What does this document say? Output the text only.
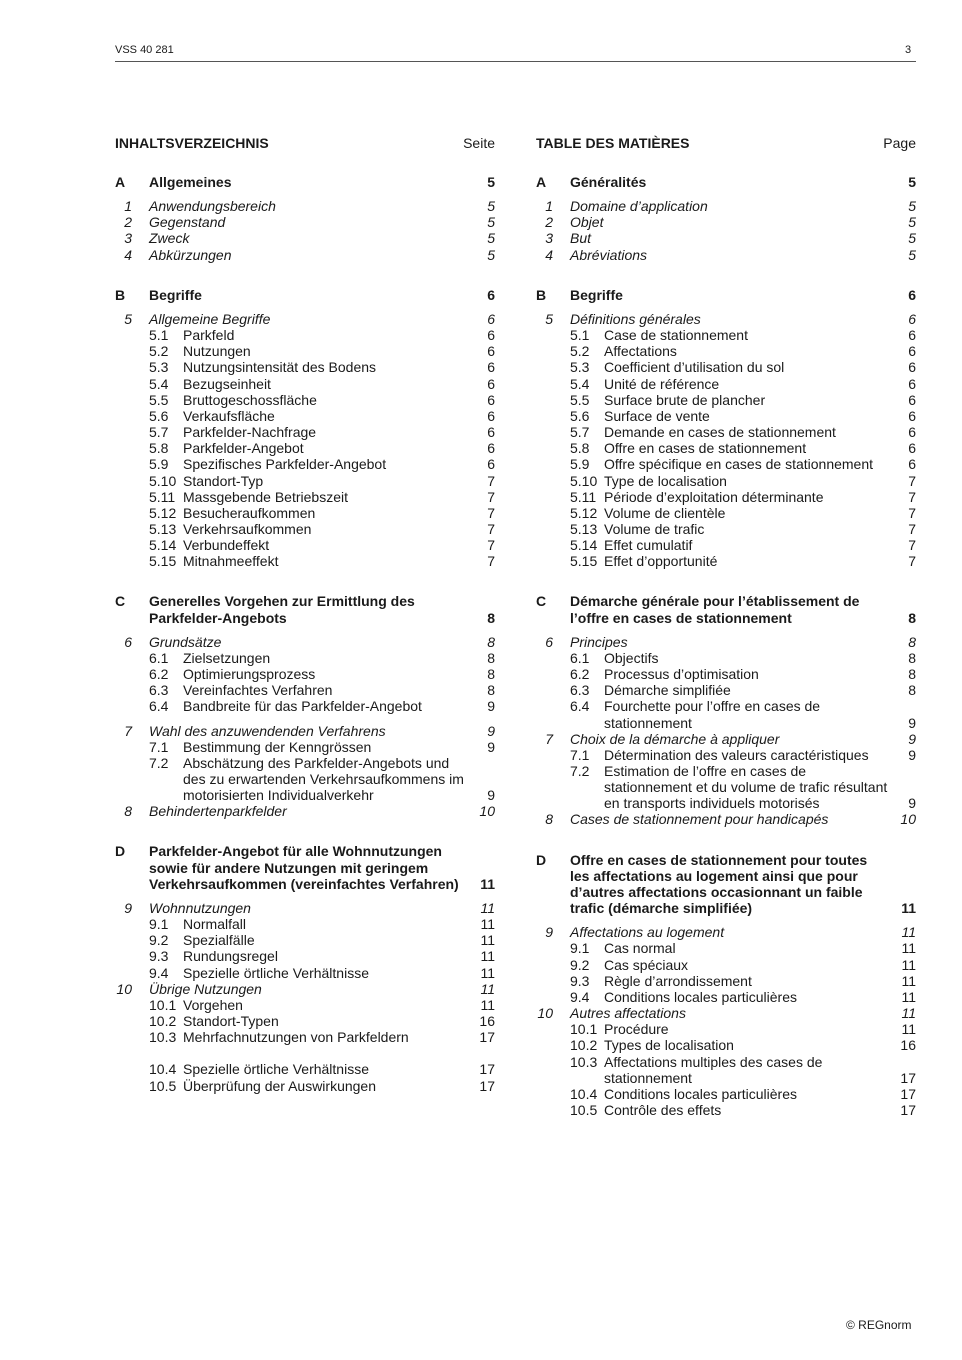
VSS 40 281	3
INHALTSVERZEICHNIS	Seite
A Allgemeines	5
1 Anwendungsbereich	5
2 Gegenstand	5
3 Zweck	5
4 Abkürzungen	5
B Begriffe	6
5 Allgemeine Begriffe	6
5.1 Parkfeld	6
5.2 Nutzungen	6
5.3 Nutzungsintensität des Bodens	6
5.4 Bezugseinheit	6
5.5 Bruttogeschossfläche	6
5.6 Verkaufsfläche	6
5.7 Parkfelder-Nachfrage	6
5.8 Parkfelder-Angebot	6
5.9 Spezifisches Parkfelder-Angebot	6
5.10 Standort-Typ	7
5.11 Massgebende Betriebszeit	7
5.12 Besucheraufkommen	7
5.13 Verkehrsaufkommen	7
5.14 Verbundeffekt	7
5.15 Mitnahmeeffekt	7
C Generelles Vorgehen zur Ermittlung des Parkfelder-Angebots	8
6 Grundsätze	8
6.1 Zielsetzungen	8
6.2 Optimierungsprozess	8
6.3 Vereinfachtes Verfahren	8
6.4 Bandbreite für das Parkfelder-Angebot	9
7 Wahl des anzuwendenden Verfahrens	9
7.1 Bestimmung der Kenngrössen	9
7.2 Abschätzung des Parkfelder-Angebots und des zu erwartenden Verkehrsaufkommens im motorisierten Individualverkehr	9
8 Behindertenparkfelder	10
D Parkfelder-Angebot für alle Wohnnutzungen sowie für andere Nutzungen mit geringem Verkehrsaufkommen (vereinfachtes Verfahren)	11
9 Wohnnutzungen	11
9.1 Normalfall	11
9.2 Spezialfälle	11
9.3 Rundungsregel	11
9.4 Spezielle örtliche Verhältnisse	11
10 Übrige Nutzungen	11
10.1 Vorgehen	11
10.2 Standort-Typen	16
10.3 Mehrfachnutzungen von Parkfeldern	17
10.4 Spezielle örtliche Verhältnisse	17
10.5 Überprüfung der Auswirkungen	17
TABLE DES MATIÈRES	Page
A Généralités	5
1 Domaine d’application	5
2 Objet	5
3 But	5
4 Abréviations	5
B Begriffe	6
5 Définitions générales	6
5.1 Case de stationnement	6
5.2 Affectations	6
5.3 Coefficient d’utilisation du sol	6
5.4 Unité de référence	6
5.5 Surface brute de plancher	6
5.6 Surface de vente	6
5.7 Demande en cases de stationnement	6
5.8 Offre en cases de stationnement	6
5.9 Offre spécifique en cases de stationnement	6
5.10 Type de localisation	7
5.11 Période d’exploitation déterminante	7
5.12 Volume de clientèle	7
5.13 Volume de trafic	7
5.14 Effet cumulatif	7
5.15 Effet d’opportunité	7
C Démarche générale pour l’établissement de l’offre en cases de stationnement	8
6 Principes	8
6.1 Objectifs	8
6.2 Processus d’optimisation	8
6.3 Démarche simplifiée	8
6.4 Fourchette pour l’offre en cases de stationnement	9
7 Choix de la démarche à appliquer	9
7.1 Détermination des valeurs caractéristiques	9
7.2 Estimation de l’offre en cases de stationnement et du volume de trafic résultant en transports individuels motorisés	9
8 Cases de stationnement pour handicapés	10
D Offre en cases de stationnement pour toutes les affectations au logement ainsi que pour d’autres affectations occasionnant un faible trafic (démarche simplifiée)	11
9 Affectations au logement	11
9.1 Cas normal	11
9.2 Cas spéciaux	11
9.3 Règle d’arrondissement	11
9.4 Conditions locales particulières	11
10 Autres affectations	11
10.1 Procédure	11
10.2 Types de localisation	16
10.3 Affectations multiples des cases de stationnement	17
10.4 Conditions locales particulières	17
10.5 Contrôle des effets	17
© REGnorm
